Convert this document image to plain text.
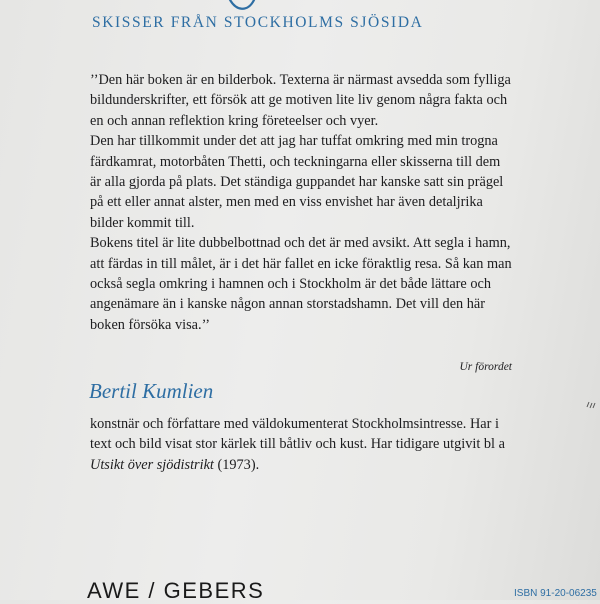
SKISSER FRÅN STOCKHOLMS SJÖSIDA
’’Den här boken är en bilderbok. Texterna är närmast avsedda som fylliga
bildunderskrifter, ett försök att ge motiven lite liv genom några fakta och
en och annan reflektion kring företeelser och vyer.
Den har tillkommit under det att jag har tuffat omkring med min trogna
färdkamrat, motorbåten Thetti, och teckningarna eller skisserna till dem
är alla gjorda på plats. Det ständiga guppandet har kanske satt sin prägel
på ett eller annat alster, men med en viss envishet har även detaljrika
bilder kommit till.
Bokens titel är lite dubbelbottnad och det är med avsikt. Att segla i hamn,
att färdas in till målet, är i det här fallet en icke föraktlig resa. Så kan man
också segla omkring i hamnen och i Stockholm är det både lättare och
angenämare än i kanske någon annan storstadshamn. Det vill den här
boken försöka visa.’’
Ur förordet
Bertil Kumlien
konstnär och författare med väldokumenterat Stockholmsintresse. Har i
text och bild visat stor kärlek till båtliv och kust. Har tidigare utgivit bl a
Utsikt över sjödistrikt (1973).
AWE / GEBERS	ISBN 91-20-06235
